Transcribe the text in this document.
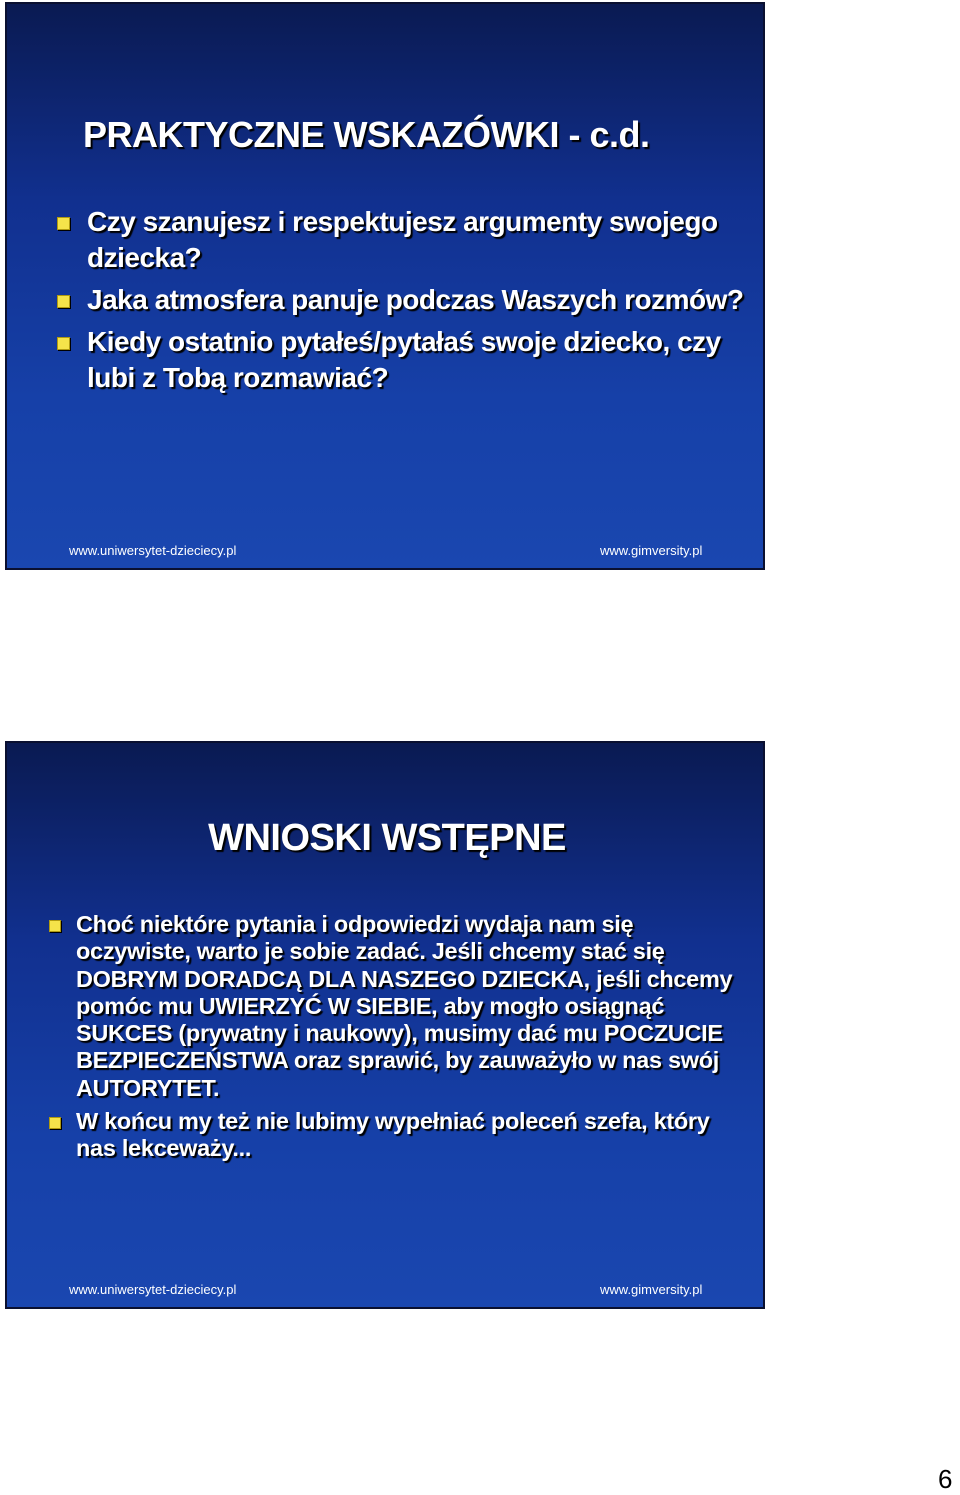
PRAKTYCZNE WSKAZÓWKI - c.d.
Czy szanujesz i respektujesz argumenty swojego dziecka?
Jaka atmosfera panuje podczas Waszych rozmów?
Kiedy ostatnio pytałeś/pytałaś swoje dziecko, czy lubi z Tobą rozmawiać?
www.uniwersytet-dzieciecy.pl	www.gimversity.pl
WNIOSKI WSTĘPNE
Choć niektóre pytania i odpowiedzi wydaja nam się oczywiste, warto je sobie zadać. Jeśli chcemy stać się DOBRYM DORADCĄ DLA NASZEGO DZIECKA, jeśli chcemy pomóc mu UWIERZYĆ W SIEBIE, aby mogło osiągnąć SUKCES (prywatny i naukowy), musimy dać mu POCZUCIE BEZPIECZEŃSTWA oraz sprawić, by zauważyło w nas swój AUTORYTET.
W końcu my też nie lubimy wypełniać poleceń szefa, który nas lekceważy...
www.uniwersytet-dzieciecy.pl	www.gimversity.pl
6
